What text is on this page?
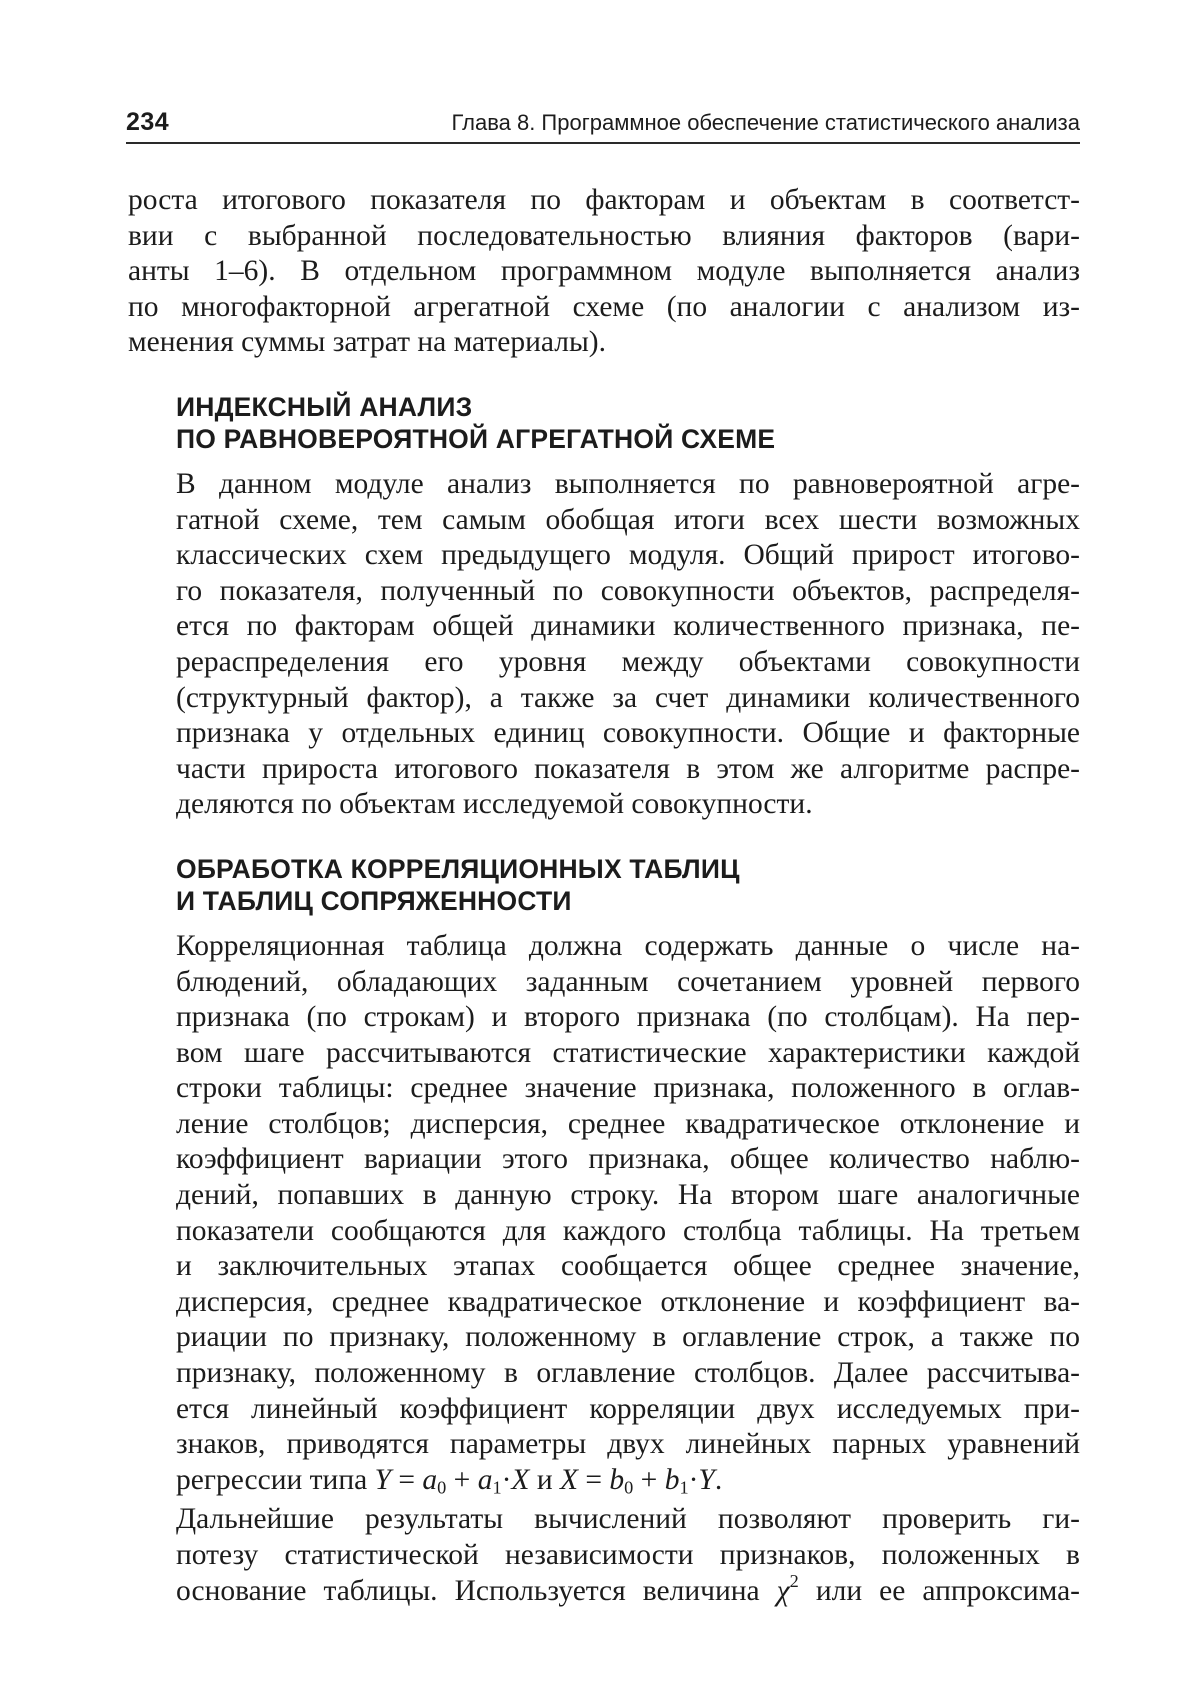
234	Глава 8. Программное обеспечение статистического анализа

роста итогового показателя по факторам и объектам в соответст-
вии с выбранной последовательностью влияния факторов (вари-
анты 1–6). В отдельном программном модуле выполняется анализ
по многофакторной агрегатной схеме (по аналогии с анализом из-
менения суммы затрат на материалы).

ИНДЕКСНЫЙ АНАЛИЗ
ПО РАВНОВЕРОЯТНОЙ АГРЕГАТНОЙ СХЕМЕ

В данном модуле анализ выполняется по равновероятной агре-
гатной схеме, тем самым обобщая итоги всех шести возможных
классических схем предыдущего модуля. Общий прирост итогово-
го показателя, полученный по совокупности объектов, распределя-
ется по факторам общей динамики количественного признака, пе-
рераспределения его уровня между объектами совокупности
(структурный фактор), а также за счет динамики количественного
признака у отдельных единиц совокупности. Общие и факторные
части прироста итогового показателя в этом же алгоритме распре-
деляются по объектам исследуемой совокупности.

ОБРАБОТКА КОРРЕЛЯЦИОННЫХ ТАБЛИЦ
И ТАБЛИЦ СОПРЯЖЕННОСТИ

Корреляционная таблица должна содержать данные о числе на-
блюдений, обладающих заданным сочетанием уровней первого
признака (по строкам) и второго признака (по столбцам). На пер-
вом шаге рассчитываются статистические характеристики каждой
строки таблицы: среднее значение признака, положенного в оглав-
ление столбцов; дисперсия, среднее квадратическое отклонение и
коэффициент вариации этого признака, общее количество наблю-
дений, попавших в данную строку. На втором шаге аналогичные
показатели сообщаются для каждого столбца таблицы. На третьем
и заключительных этапах сообщается общее среднее значение,
дисперсия, среднее квадратическое отклонение и коэффициент ва-
риации по признаку, положенному в оглавление строк, а также по
признаку, положенному в оглавление столбцов. Далее рассчитыва-
ется линейный коэффициент корреляции двух исследуемых при-
знаков, приводятся параметры двух линейных парных уравнений
регрессии типа $Y = a_0 + a_1\cdot X$ и $X = b_0 + b_1\cdot Y$.

Дальнейшие результаты вычислений позволяют проверить ги-
потезу статистической независимости признаков, положенных в
основание таблицы. Используется величина $\chi^2$ или ее аппроксима-
